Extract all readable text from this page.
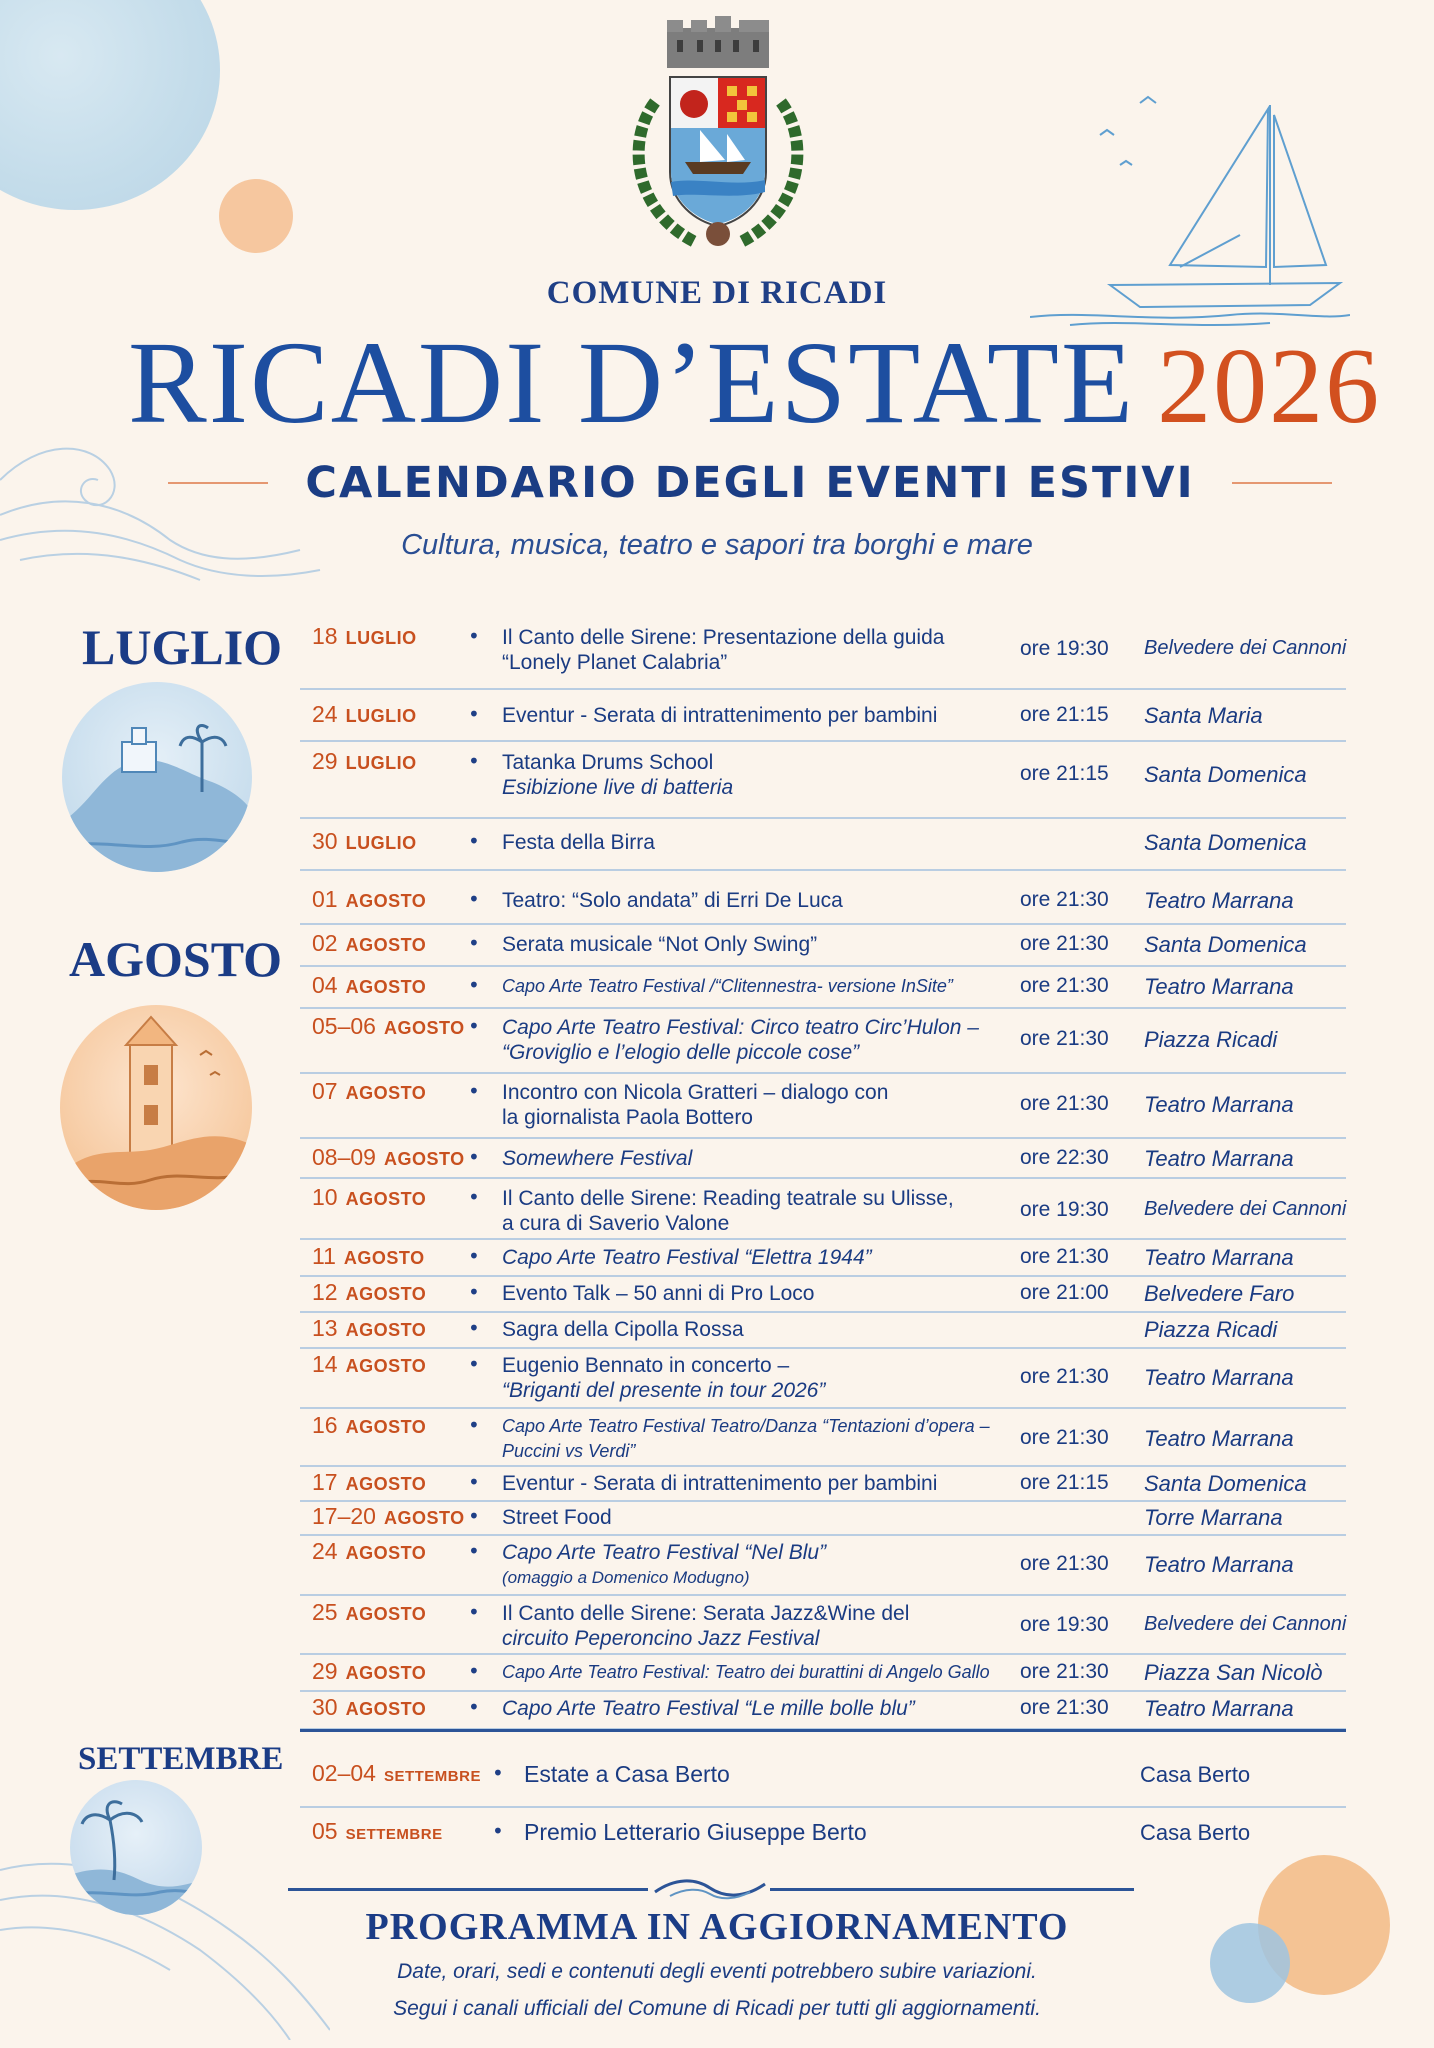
COMUNE DI RICADI
RICADI D’ESTATE 2026
CALENDARIO DEGLI EVENTI ESTIVI
Cultura, musica, teatro e sapori tra borghi e mare
LUGLIO
AGOSTO
SETTEMBRE
18 LUGLIO	• Il Canto delle Sirene: Presentazione della guida
“Lonely Planet Calabria”
ore 19:30 Belvedere dei Cannoni
24 LUGLIO	• Eventur - Serata di intrattenimento per bambini	ore 21:15 Santa Maria
29 LUGLIO	• Tatanka Drums School
Esibizione live di batteria
ore 21:15 Santa Domenica
30 LUGLIO	• Festa della Birra	Santa Domenica
01 AGOSTO • Teatro: “Solo andata” di Erri De Luca	ore 21:30 Teatro Marrana
02 AGOSTO • Serata musicale “Not Only Swing”	ore 21:30 Santa Domenica
04 AGOSTO • Capo Arte Teatro Festival /“Clitennestra- versione InSite”	ore 21:30 Teatro Marrana
05–06 AGOSTO • Capo Arte Teatro Festival: Circo teatro Circ’Hulon –
“Groviglio e l’elogio delle piccole cose”
ore 21:30 Piazza Ricadi
07 AGOSTO • Incontro con Nicola Gratteri – dialogo con
la giornalista Paola Bottero
ore 21:30 Teatro Marrana
08–09 AGOSTO • Somewhere Festival	ore 22:30 Teatro Marrana
10 AGOSTO • Il Canto delle Sirene: Reading teatrale su Ulisse,
a cura di Saverio Valone
ore 19:30 Belvedere dei Cannoni
11 AGOSTO • Capo Arte Teatro Festival “Elettra 1944”	ore 21:30 Teatro Marrana
12 AGOSTO • Evento Talk – 50 anni di Pro Loco	ore 21:00 Belvedere Faro
13 AGOSTO • Sagra della Cipolla Rossa	Piazza Ricadi
14 AGOSTO • Eugenio Bennato in concerto –
“Briganti del presente in tour 2026”
ore 21:30 Teatro Marrana
16 AGOSTO • Capo Arte Teatro Festival Teatro/Danza “Tentazioni d’opera –
Puccini vs Verdi”
ore 21:30 Teatro Marrana
17 AGOSTO • Eventur - Serata di intrattenimento per bambini	ore 21:15 Santa Domenica
17–20 AGOSTO • Street Food	Torre Marrana
24 AGOSTO • Capo Arte Teatro Festival “Nel Blu”
(omaggio a Domenico Modugno)
ore 21:30 Teatro Marrana
25 AGOSTO • Il Canto delle Sirene: Serata Jazz&Wine del
circuito Peperoncino Jazz Festival
ore 19:30 Belvedere dei Cannoni
29 AGOSTO • Capo Arte Teatro Festival: Teatro dei burattini di Angelo Gallo	ore 21:30 Piazza San Nicolò
30 AGOSTO • Capo Arte Teatro Festival “Le mille bolle blu”	ore 21:30 Teatro Marrana
02–04 SETTEMBRE • Estate a Casa Berto	Casa Berto
05 SETTEMBRE • Premio Letterario Giuseppe Berto	Casa Berto
PROGRAMMA IN AGGIORNAMENTO
Date, orari, sedi e contenuti degli eventi potrebbero subire variazioni.
Segui i canali ufficiali del Comune di Ricadi per tutti gli aggiornamenti.
